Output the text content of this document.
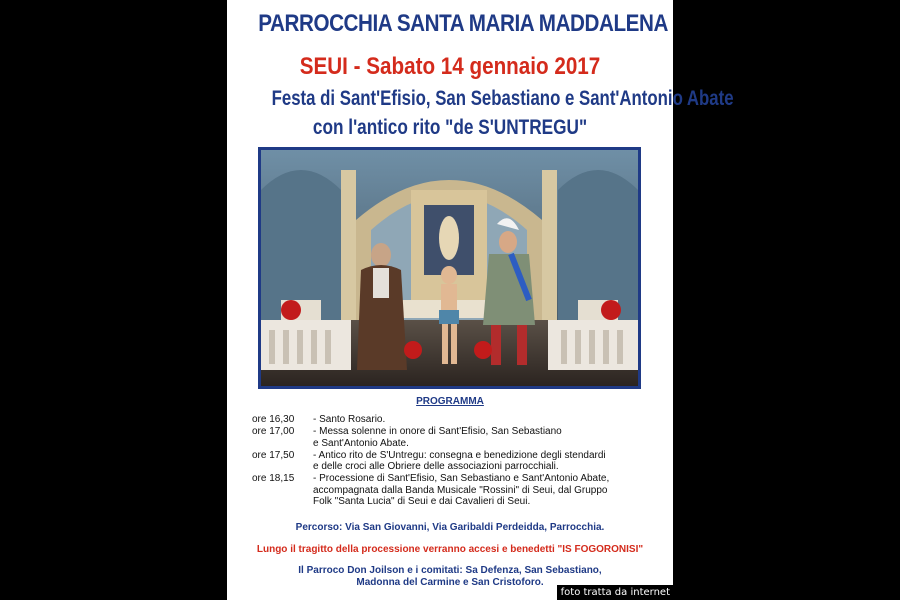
PARROCCHIA SANTA MARIA MADDALENA
SEUI - Sabato 14 gennaio 2017
Festa di Sant'Efisio, San Sebastiano e Sant'Antonio Abate
con l'antico rito "de S'UNTREGU"
PROGRAMMA
ore 16,30	- Santo Rosario.
ore 17,00	- Messa solenne in onore di Sant'Efisio, San Sebastiano
e Sant'Antonio Abate.
ore 17,50	- Antico rito de S'Untregu: consegna e benedizione degli stendardi
e delle croci alle Obriere delle associazioni parrocchiali.
ore 18,15	- Processione di Sant'Efisio, San Sebastiano e Sant'Antonio Abate,
accompagnata dalla Banda Musicale "Rossini" di Seui, dal Gruppo
Folk "Santa Lucia" di Seui e dai Cavalieri di Seui.
Percorso: Via San Giovanni, Via Garibaldi Perdeidda, Parrocchia.
Lungo il tragitto della processione verranno accesi e benedetti "IS FOGORONISI"
Il Parroco Don Joilson e i comitati: Sa Defenza, San Sebastiano,
Madonna del Carmine e San Cristoforo.
foto tratta da internet
